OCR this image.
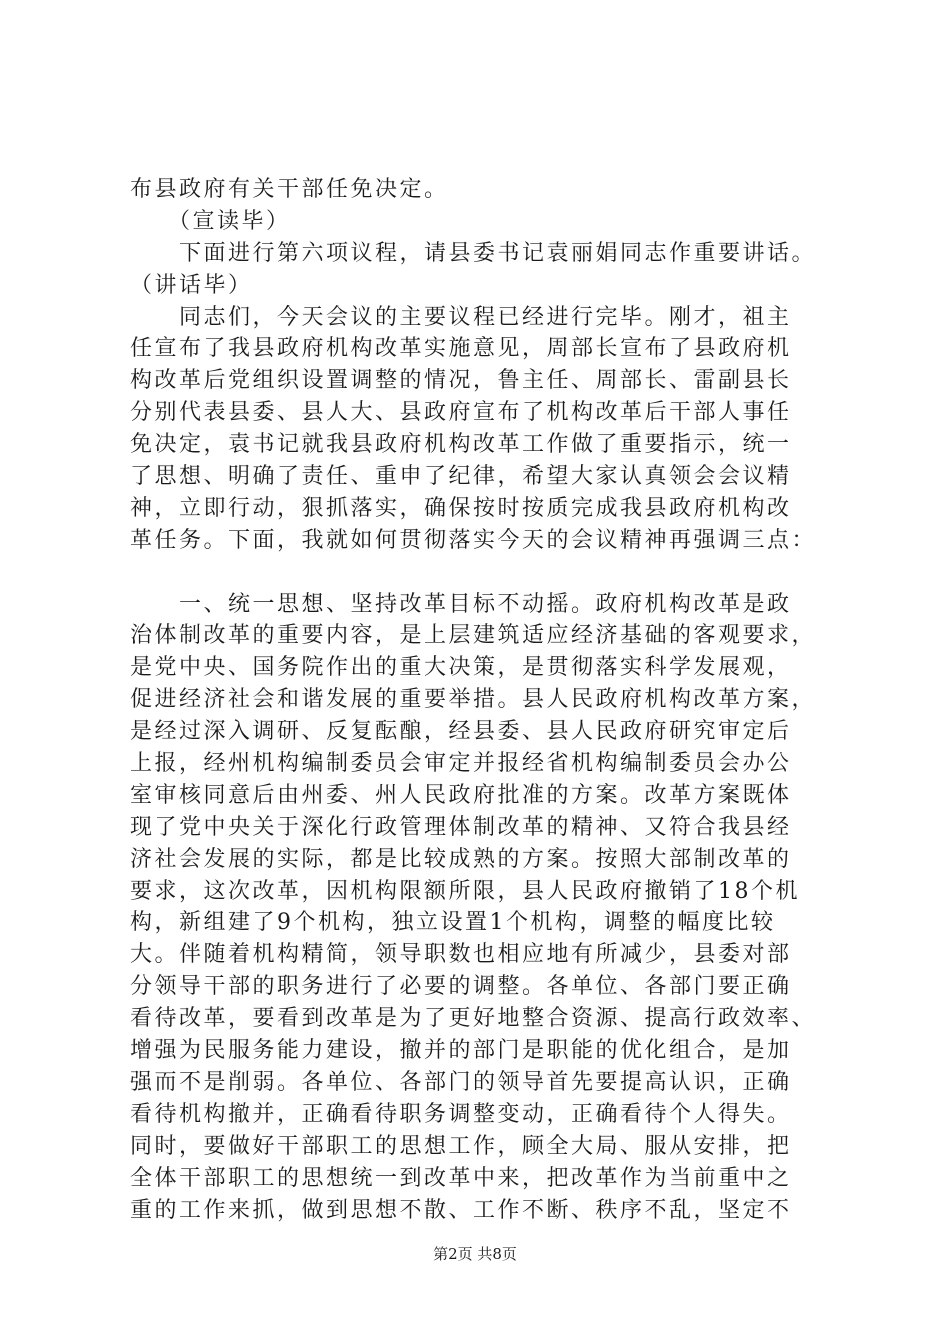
布县政府有关干部任免决定。
　　（宣读毕）
　　下面进行第六项议程，请县委书记袁丽娟同志作重要讲话。
（讲话毕）
　　同志们，今天会议的主要议程已经进行完毕。刚才，祖主
任宣布了我县政府机构改革实施意见，周部长宣布了县政府机
构改革后党组织设置调整的情况，鲁主任、周部长、雷副县长
分别代表县委、县人大、县政府宣布了机构改革后干部人事任
免决定，袁书记就我县政府机构改革工作做了重要指示，统一
了思想、明确了责任、重申了纪律，希望大家认真领会会议精
神，立即行动，狠抓落实，确保按时按质完成我县政府机构改
革任务。下面，我就如何贯彻落实今天的会议精神再强调三点：
　　一、统一思想、坚持改革目标不动摇。政府机构改革是政
治体制改革的重要内容，是上层建筑适应经济基础的客观要求，
是党中央、国务院作出的重大决策，是贯彻落实科学发展观，
促进经济社会和谐发展的重要举措。县人民政府机构改革方案，
是经过深入调研、反复酝酿，经县委、县人民政府研究审定后
上报，经州机构编制委员会审定并报经省机构编制委员会办公
室审核同意后由州委、州人民政府批准的方案。改革方案既体
现了党中央关于深化行政管理体制改革的精神、又符合我县经
济社会发展的实际，都是比较成熟的方案。按照大部制改革的
要求，这次改革，因机构限额所限，县人民政府撤销了18个机
构，新组建了9个机构，独立设置1个机构，调整的幅度比较
大。伴随着机构精简，领导职数也相应地有所减少，县委对部
分领导干部的职务进行了必要的调整。各单位、各部门要正确
看待改革，要看到改革是为了更好地整合资源、提高行政效率、
增强为民服务能力建设，撤并的部门是职能的优化组合，是加
强而不是削弱。各单位、各部门的领导首先要提高认识，正确
看待机构撤并，正确看待职务调整变动，正确看待个人得失。
同时，要做好干部职工的思想工作，顾全大局、服从安排，把
全体干部职工的思想统一到改革中来，把改革作为当前重中之
重的工作来抓，做到思想不散、工作不断、秩序不乱，坚定不
第2页 共8页
